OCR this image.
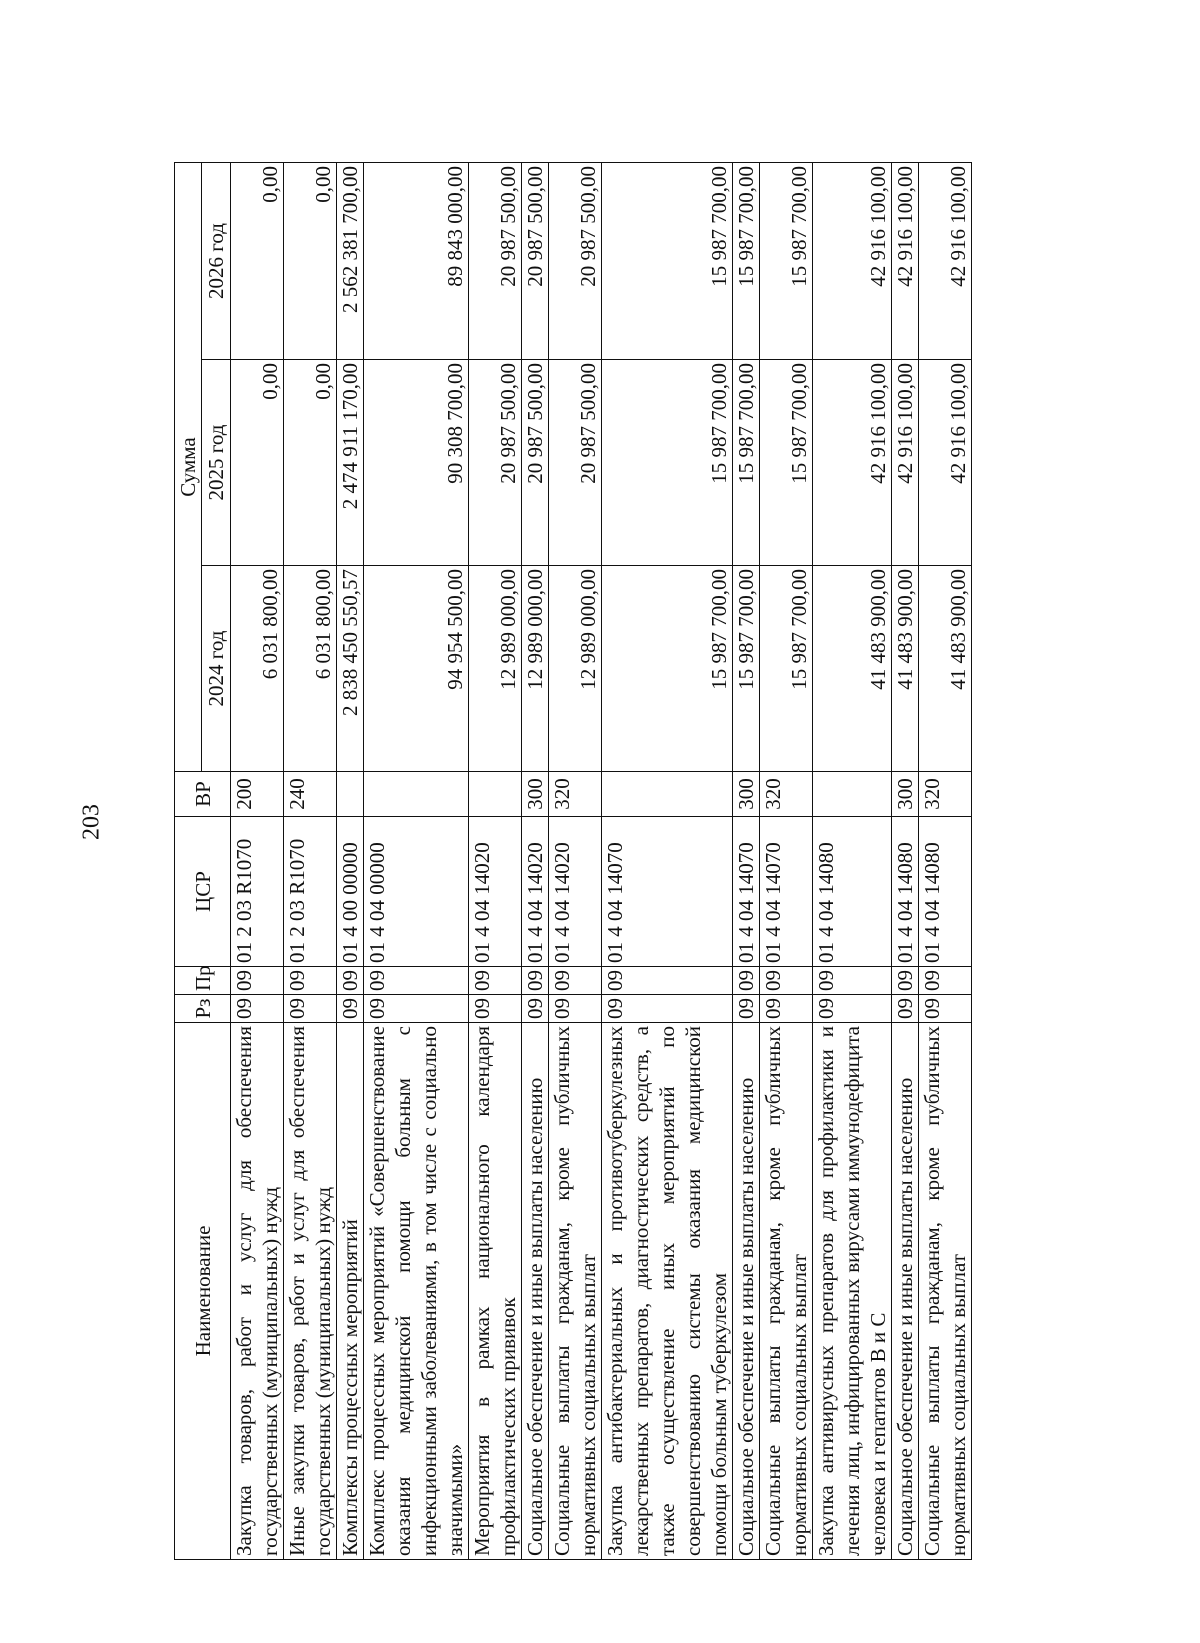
203
Наименование	Рз	Пр	ЦСР	ВР	Сумма		
					2024 год	2025 год	2026 год
Закупка товаров, работ и услуг для обеспечения государственных (муниципальных) нужд	09	09	01 2 03 R1070	200	6 031 800,00	0,00	0,00
Иные закупки товаров, работ и услуг для обеспечения государственных (муниципальных) нужд	09	09	01 2 03 R1070	240	6 031 800,00	0,00	0,00
Комплексы процессных мероприятий	09	09	01 4 00 00000		2 838 450 550,57	2 474 911 170,00	2 562 381 700,00
Комплекс процессных мероприятий «Совершенствование оказания медицинской помощи больным с инфекционными заболеваниями, в том числе с социально значимыми»	09	09	01 4 04 00000		94 954 500,00	90 308 700,00	89 843 000,00
Мероприятия в рамках национального календаря профилактических прививок	09	09	01 4 04 14020		12 989 000,00	20 987 500,00	20 987 500,00
Социальное обеспечение и иные выплаты населению	09	09	01 4 04 14020	300	12 989 000,00	20 987 500,00	20 987 500,00
Социальные выплаты гражданам, кроме публичных нормативных социальных выплат	09	09	01 4 04 14020	320	12 989 000,00	20 987 500,00	20 987 500,00
Закупка антибактериальных и противотуберкулезных лекарственных препаратов, диагностических средств, а также осуществление иных мероприятий по совершенствованию системы оказания медицинской помощи больным туберкулезом	09	09	01 4 04 14070		15 987 700,00	15 987 700,00	15 987 700,00
Социальное обеспечение и иные выплаты населению	09	09	01 4 04 14070	300	15 987 700,00	15 987 700,00	15 987 700,00
Социальные выплаты гражданам, кроме публичных нормативных социальных выплат	09	09	01 4 04 14070	320	15 987 700,00	15 987 700,00	15 987 700,00
Закупка антивирусных препаратов для профилактики и лечения лиц, инфицированных вирусами иммунодефицита человека и гепатитов В и С	09	09	01 4 04 14080		41 483 900,00	42 916 100,00	42 916 100,00
Социальное обеспечение и иные выплаты населению	09	09	01 4 04 14080	300	41 483 900,00	42 916 100,00	42 916 100,00
Социальные выплаты гражданам, кроме публичных нормативных социальных выплат	09	09	01 4 04 14080	320	41 483 900,00	42 916 100,00	42 916 100,00
